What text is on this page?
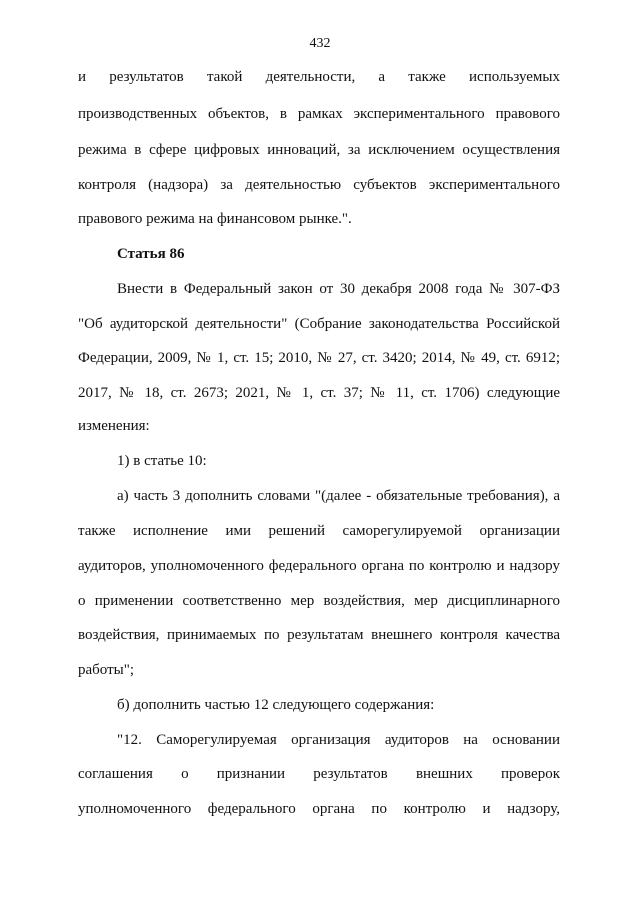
432
и результатов такой деятельности, а также используемых
производственных объектов, в рамках экспериментального правового
режима в сфере цифровых инноваций, за исключением осуществления
контроля (надзора) за деятельностью субъектов экспериментального
правового режима на финансовом рынке.".
Статья 86
Внести в Федеральный закон от 30 декабря 2008 года № 307-ФЗ
"Об аудиторской деятельности" (Собрание законодательства Российской
Федерации, 2009, № 1, ст. 15; 2010, № 27, ст. 3420; 2014, № 49, ст. 6912;
2017, № 18, ст. 2673; 2021, № 1, ст. 37; № 11, ст. 1706) следующие
изменения:
1) в статье 10:
а) часть 3 дополнить словами "(далее - обязательные требования), а
также исполнение ими решений саморегулируемой организации
аудиторов, уполномоченного федерального органа по контролю и надзору
о применении соответственно мер воздействия, мер дисциплинарного
воздействия, принимаемых по результатам внешнего контроля качества
работы";
б) дополнить частью 12 следующего содержания:
"12. Саморегулируемая организация аудиторов на основании
соглашения о признании результатов внешних проверок
уполномоченного федерального органа по контролю и надзору,
